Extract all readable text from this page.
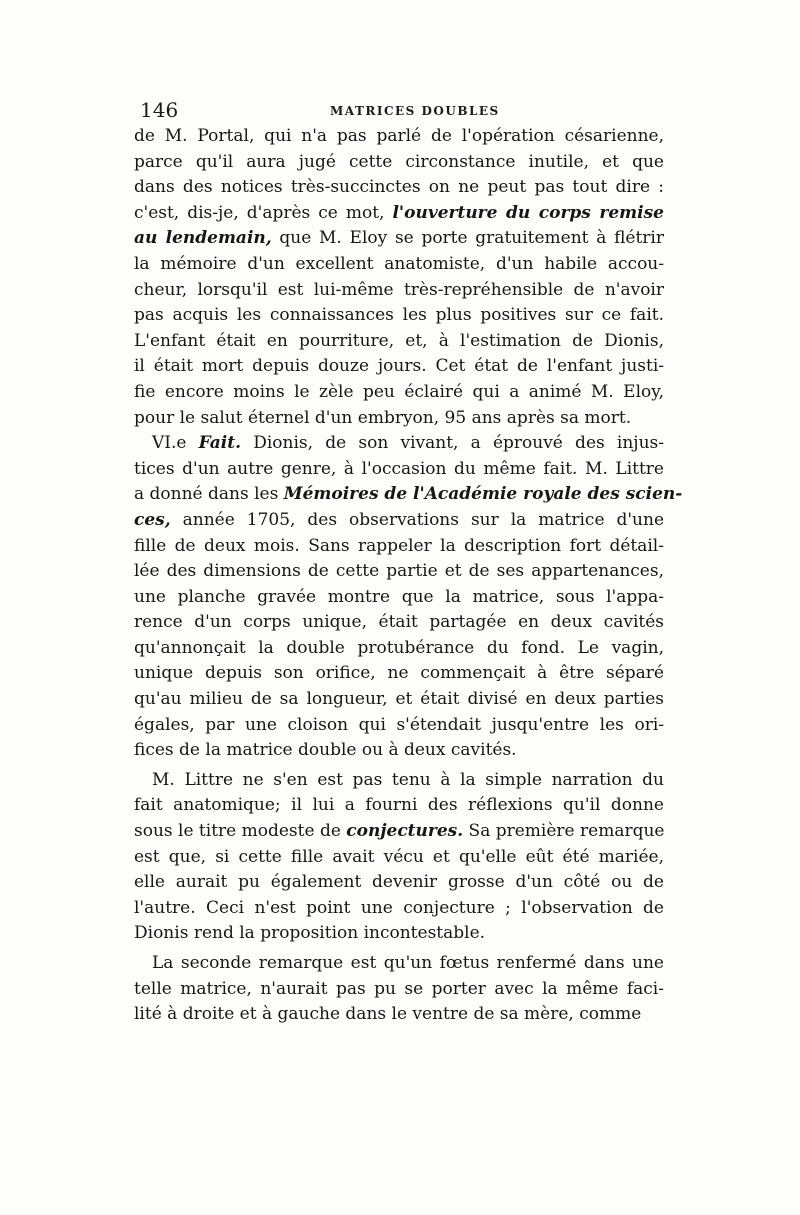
146	MATRICES DOUBLES
de M. Portal, qui n'a pas parlé de l'opération césarienne,
parce qu'il aura jugé cette circonstance inutile, et que
dans des notices très-succinctes on ne peut pas tout dire :
c'est, dis-je, d'après ce mot, l'ouverture du corps remise
au lendemain, que M. Eloy se porte gratuitement à flétrir
la mémoire d'un excellent anatomiste, d'un habile accou-
cheur, lorsqu'il est lui-même très-repréhensible de n'avoir
pas acquis les connaissances les plus positives sur ce fait.
L'enfant était en pourriture, et, à l'estimation de Dionis,
il était mort depuis douze jours. Cet état de l'enfant justi-
fie encore moins le zèle peu éclairé qui a animé M. Eloy,
pour le salut éternel d'un embryon, 95 ans après sa mort.
VI.e Fait. Dionis, de son vivant, a éprouvé des injus-
tices d'un autre genre, à l'occasion du même fait. M. Littre
a donné dans les Mémoires de l'Académie royale des scien-
ces, année 1705, des observations sur la matrice d'une
fille de deux mois. Sans rappeler la description fort détail-
lée des dimensions de cette partie et de ses appartenances,
une planche gravée montre que la matrice, sous l'appa-
rence d'un corps unique, était partagée en deux cavités
qu'annonçait la double protubérance du fond. Le vagin,
unique depuis son orifice, ne commençait à être séparé
qu'au milieu de sa longueur, et était divisé en deux parties
égales, par une cloison qui s'étendait jusqu'entre les ori-
fices de la matrice double ou à deux cavités.
M. Littre ne s'en est pas tenu à la simple narration du
fait anatomique; il lui a fourni des réflexions qu'il donne
sous le titre modeste de conjectures. Sa première remarque
est que, si cette fille avait vécu et qu'elle eût été mariée,
elle aurait pu également devenir grosse d'un côté ou de
l'autre. Ceci n'est point une conjecture ; l'observation de
Dionis rend la proposition incontestable.
La seconde remarque est qu'un fœtus renfermé dans une
telle matrice, n'aurait pas pu se porter avec la même faci-
lité à droite et à gauche dans le ventre de sa mère, comme
